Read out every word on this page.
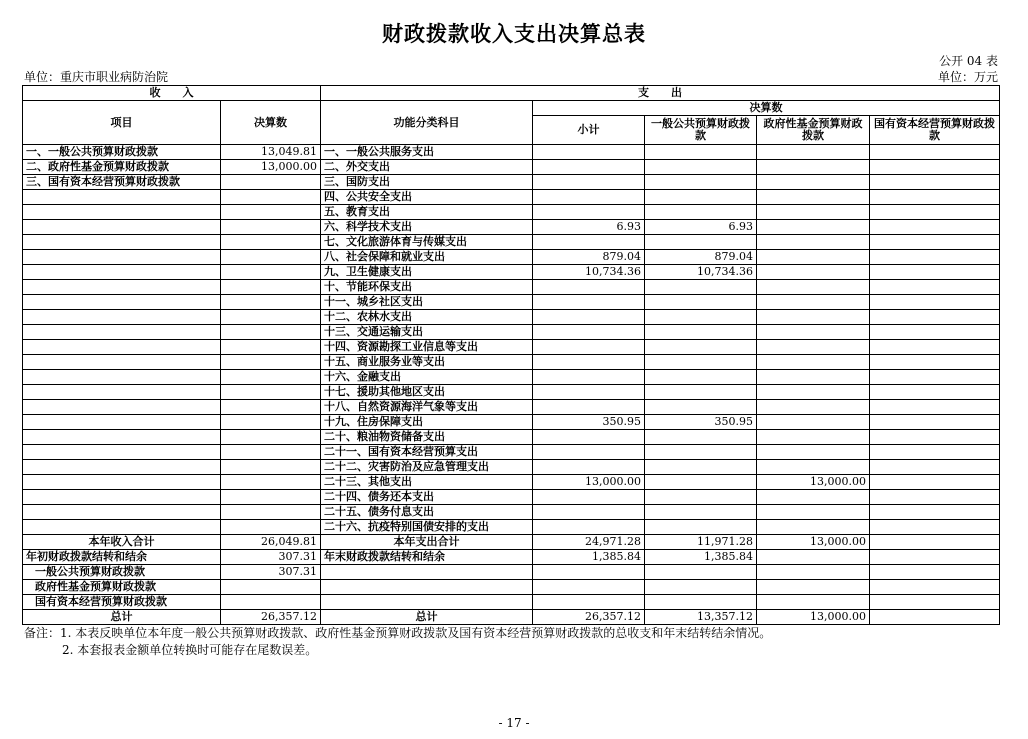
财政拨款收入支出决算总表
公开 04 表
单位：重庆市职业病防治院	单位：万元
收　　入		支　　出				
项目	决算数	功能分类科目	决算数			
			小计	一般公共预算财政拨款	政府性基金预算财政拨款	国有资本经营预算财政拨款
一、一般公共预算财政拨款	13,049.81	一、一般公共服务支出				
二、政府性基金预算财政拨款	13,000.00	二、外交支出				
三、国有资本经营预算财政拨款		三、国防支出				
		四、公共安全支出				
		五、教育支出				
		六、科学技术支出	6.93	6.93		
		七、文化旅游体育与传媒支出				
		八、社会保障和就业支出	879.04	879.04		
		九、卫生健康支出	10,734.36	10,734.36		
		十、节能环保支出				
		十一、城乡社区支出				
		十二、农林水支出				
		十三、交通运输支出				
		十四、资源勘探工业信息等支出				
		十五、商业服务业等支出				
		十六、金融支出				
		十七、援助其他地区支出				
		十八、自然资源海洋气象等支出				
		十九、住房保障支出	350.95	350.95		
		二十、粮油物资储备支出				
		二十一、国有资本经营预算支出				
		二十二、灾害防治及应急管理支出				
		二十三、其他支出	13,000.00		13,000.00	
		二十四、债务还本支出				
		二十五、债务付息支出				
		二十六、抗疫特别国债安排的支出				
本年收入合计	26,049.81	本年支出合计	24,971.28	11,971.28	13,000.00	
年初财政拨款结转和结余	307.31	年末财政拨款结转和结余	1,385.84	1,385.84		
一般公共预算财政拨款	307.31					
政府性基金预算财政拨款						
国有资本经营预算财政拨款						
总计	26,357.12	总计	26,357.12	13,357.12	13,000.00	
备注：1. 本表反映单位本年度一般公共预算财政拨款、政府性基金预算财政拨款及国有资本经营预算财政拨款的总收支和年末结转结余情况。
2. 本套报表金额单位转换时可能存在尾数误差。
- 17 -
